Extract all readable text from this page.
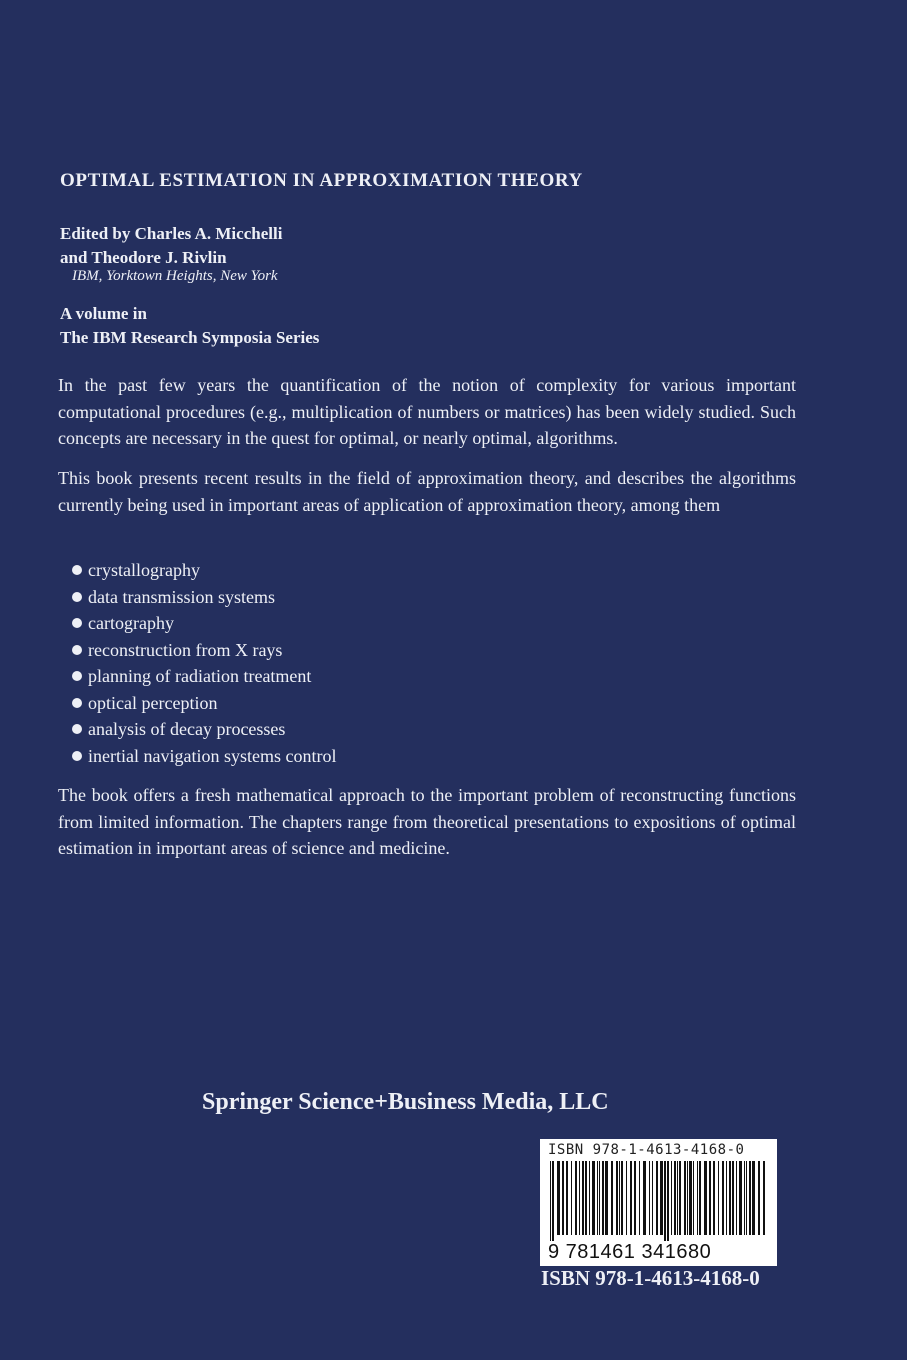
OPTIMAL ESTIMATION IN APPROXIMATION THEORY
Edited by Charles A. Micchelli
and Theodore J. Rivlin
IBM, Yorktown Heights, New York
A volume in
The IBM Research Symposia Series
In the past few years the quantification of the notion of complexity for various important computational procedures (e.g., multiplication of numbers or matrices) has been widely studied. Such concepts are necessary in the quest for optimal, or nearly optimal, algorithms.
This book presents recent results in the field of approximation theory, and describes the algorithms currently being used in important areas of application of approximation theory, among them
crystallography
data transmission systems
cartography
reconstruction from X rays
planning of radiation treatment
optical perception
analysis of decay processes
inertial navigation systems control
The book offers a fresh mathematical approach to the important problem of reconstructing functions from limited information. The chapters range from theoretical presentations to expositions of optimal estimation in important areas of science and medicine.
Springer Science+Business Media, LLC
ISBN 978-1-4613-4168-0
9 781461 341680
ISBN 978-1-4613-4168-0
